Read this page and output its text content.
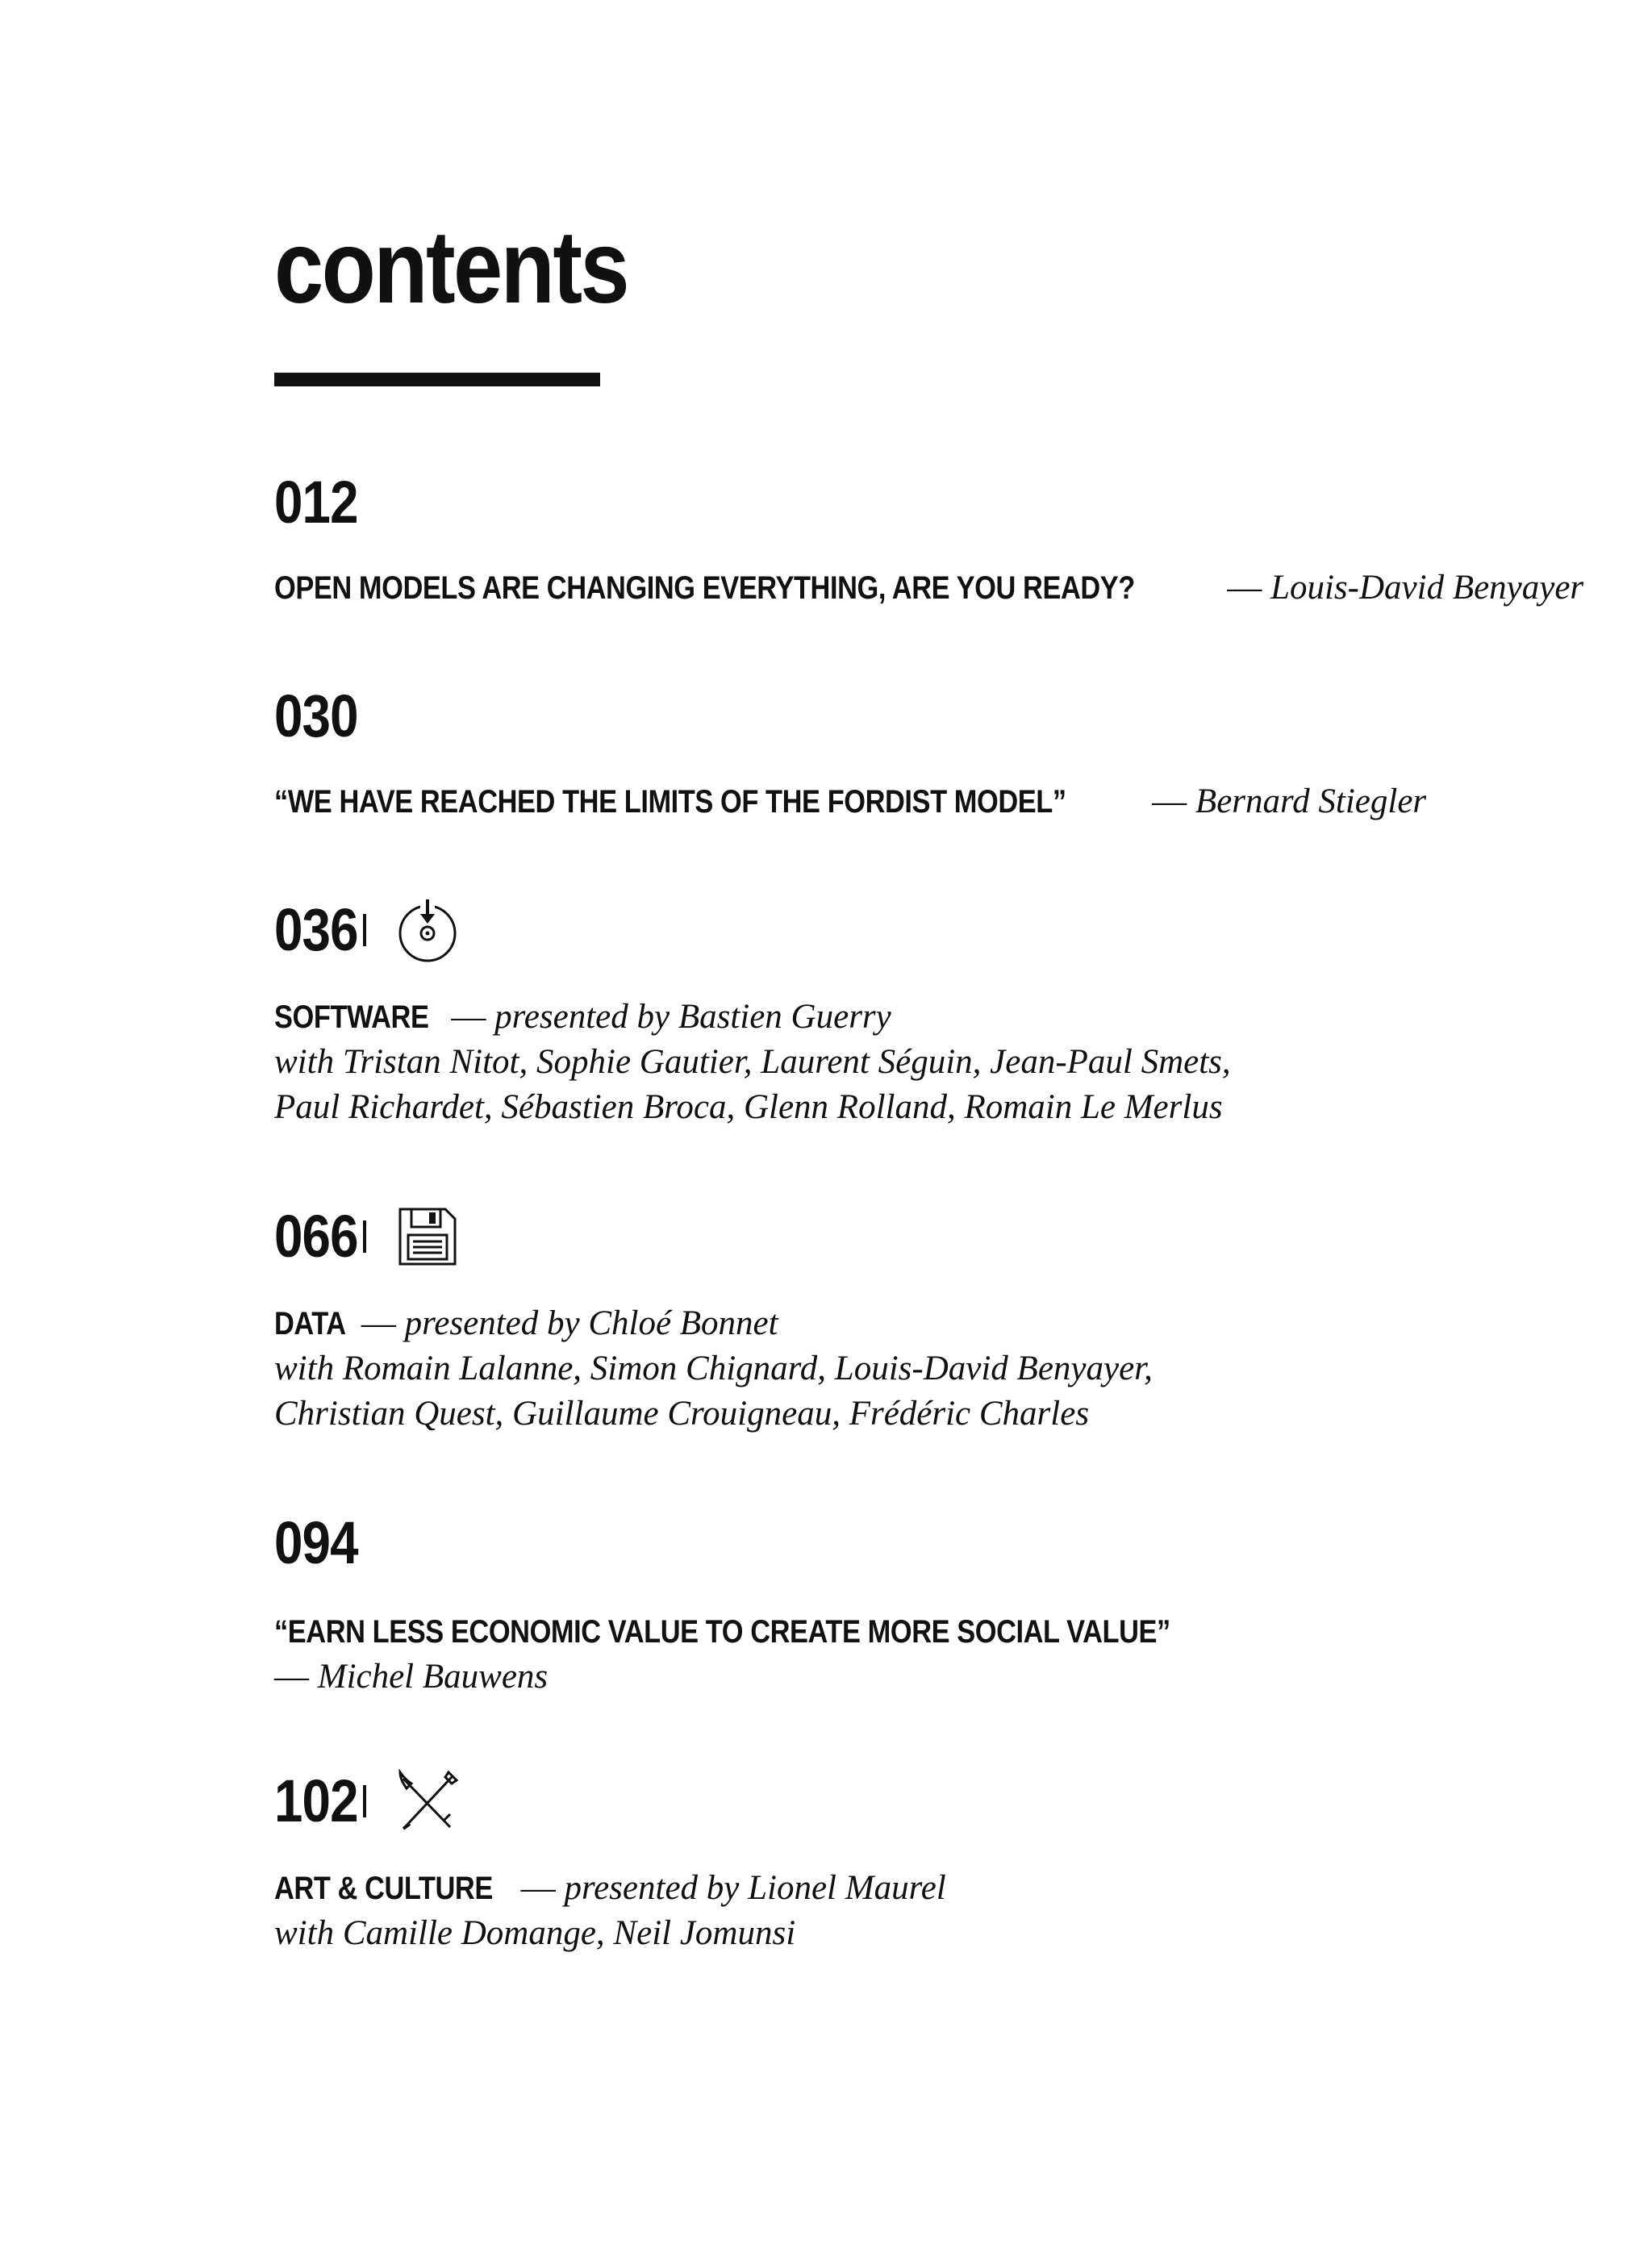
contents
012
OPEN MODELS ARE CHANGING EVERYTHING, ARE YOU READY?	— Louis-David Benyayer
030
“WE HAVE REACHED THE LIMITS OF THE FORDIST MODEL” — Bernard Stiegler
036
SOFTWARE — presented by Bastien Guerry
with Tristan Nitot, Sophie Gautier, Laurent Séguin, Jean-Paul Smets,
Paul Richardet, Sébastien Broca, Glenn Rolland, Romain Le Merlus
066
DATA — presented by Chloé Bonnet
with Romain Lalanne, Simon Chignard, Louis-David Benyayer,
Christian Quest, Guillaume Crouigneau, Frédéric Charles
094
“EARN LESS ECONOMIC VALUE TO CREATE MORE SOCIAL VALUE”
— Michel Bauwens
102
ART & CULTURE — presented by Lionel Maurel
with Camille Domange, Neil Jomunsi
